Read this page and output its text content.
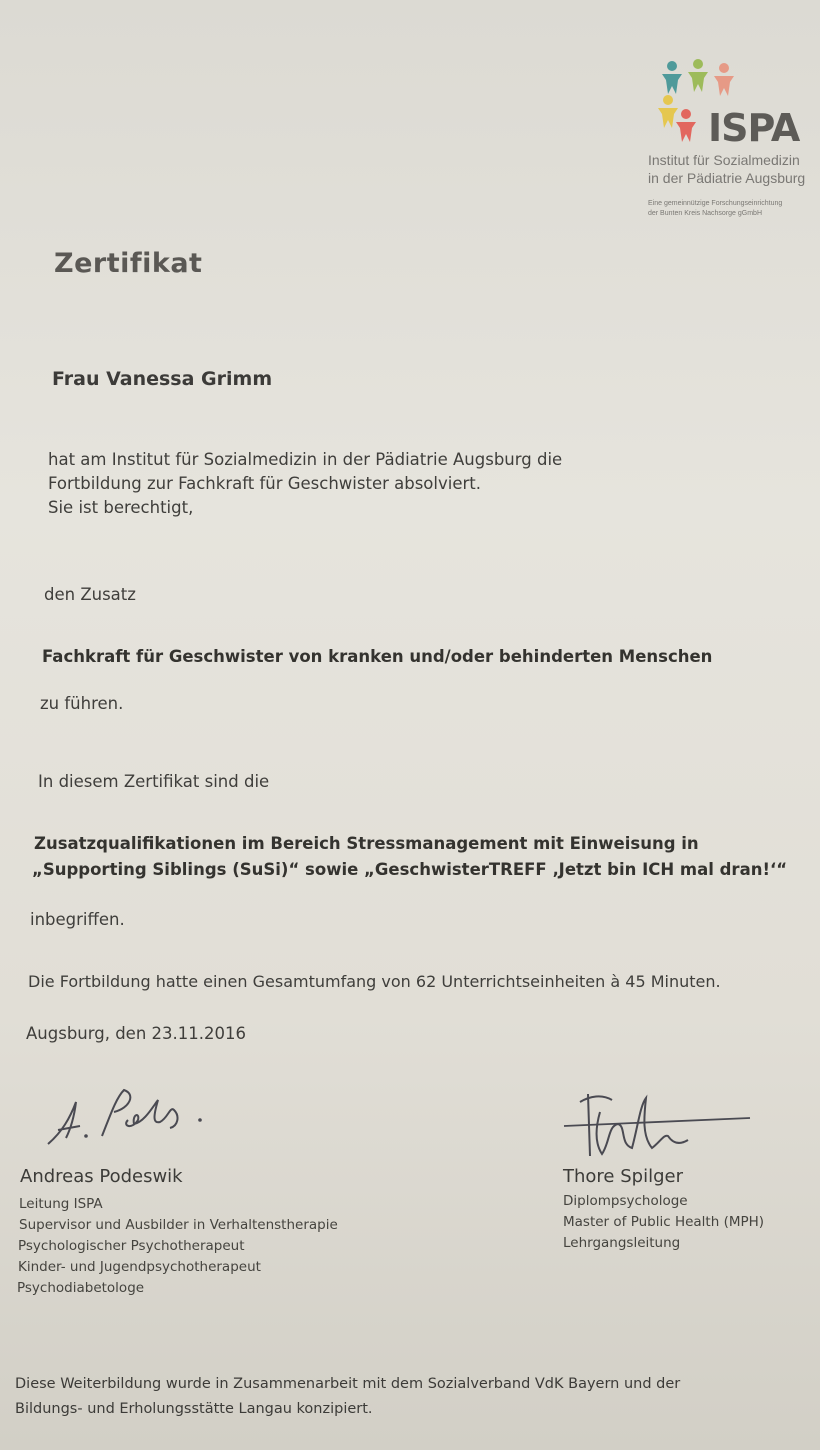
ISPA
Institut für Sozialmedizin
in der Pädiatrie Augsburg
Eine gemeinnützige Forschungseinrichtung
der Bunten Kreis Nachsorge gGmbH
Zertifikat
Frau Vanessa Grimm
hat am Institut für Sozialmedizin in der Pädiatrie Augsburg die
Fortbildung zur Fachkraft für Geschwister absolviert.
Sie ist berechtigt,
den Zusatz
Fachkraft für Geschwister von kranken und/oder behinderten Menschen
zu führen.
In diesem Zertifikat sind die
Zusatzqualifikationen im Bereich Stressmanagement mit Einweisung in
„Supporting Siblings (SuSi)“ sowie „GeschwisterTREFF ‚Jetzt bin ICH mal dran!‘“
inbegriffen.
Die Fortbildung hatte einen Gesamtumfang von 62 Unterrichtseinheiten à 45 Minuten.
Augsburg, den 23.11.2016
Andreas Podeswik
Leitung ISPA
Supervisor und Ausbilder in Verhaltenstherapie
Psychologischer Psychotherapeut
Kinder- und Jugendpsychotherapeut
Psychodiabetologe
Thore Spilger
Diplompsychologe
Master of Public Health (MPH)
Lehrgangsleitung
Diese Weiterbildung wurde in Zusammenarbeit mit dem Sozialverband VdK Bayern und der
Bildungs- und Erholungsstätte Langau konzipiert.
